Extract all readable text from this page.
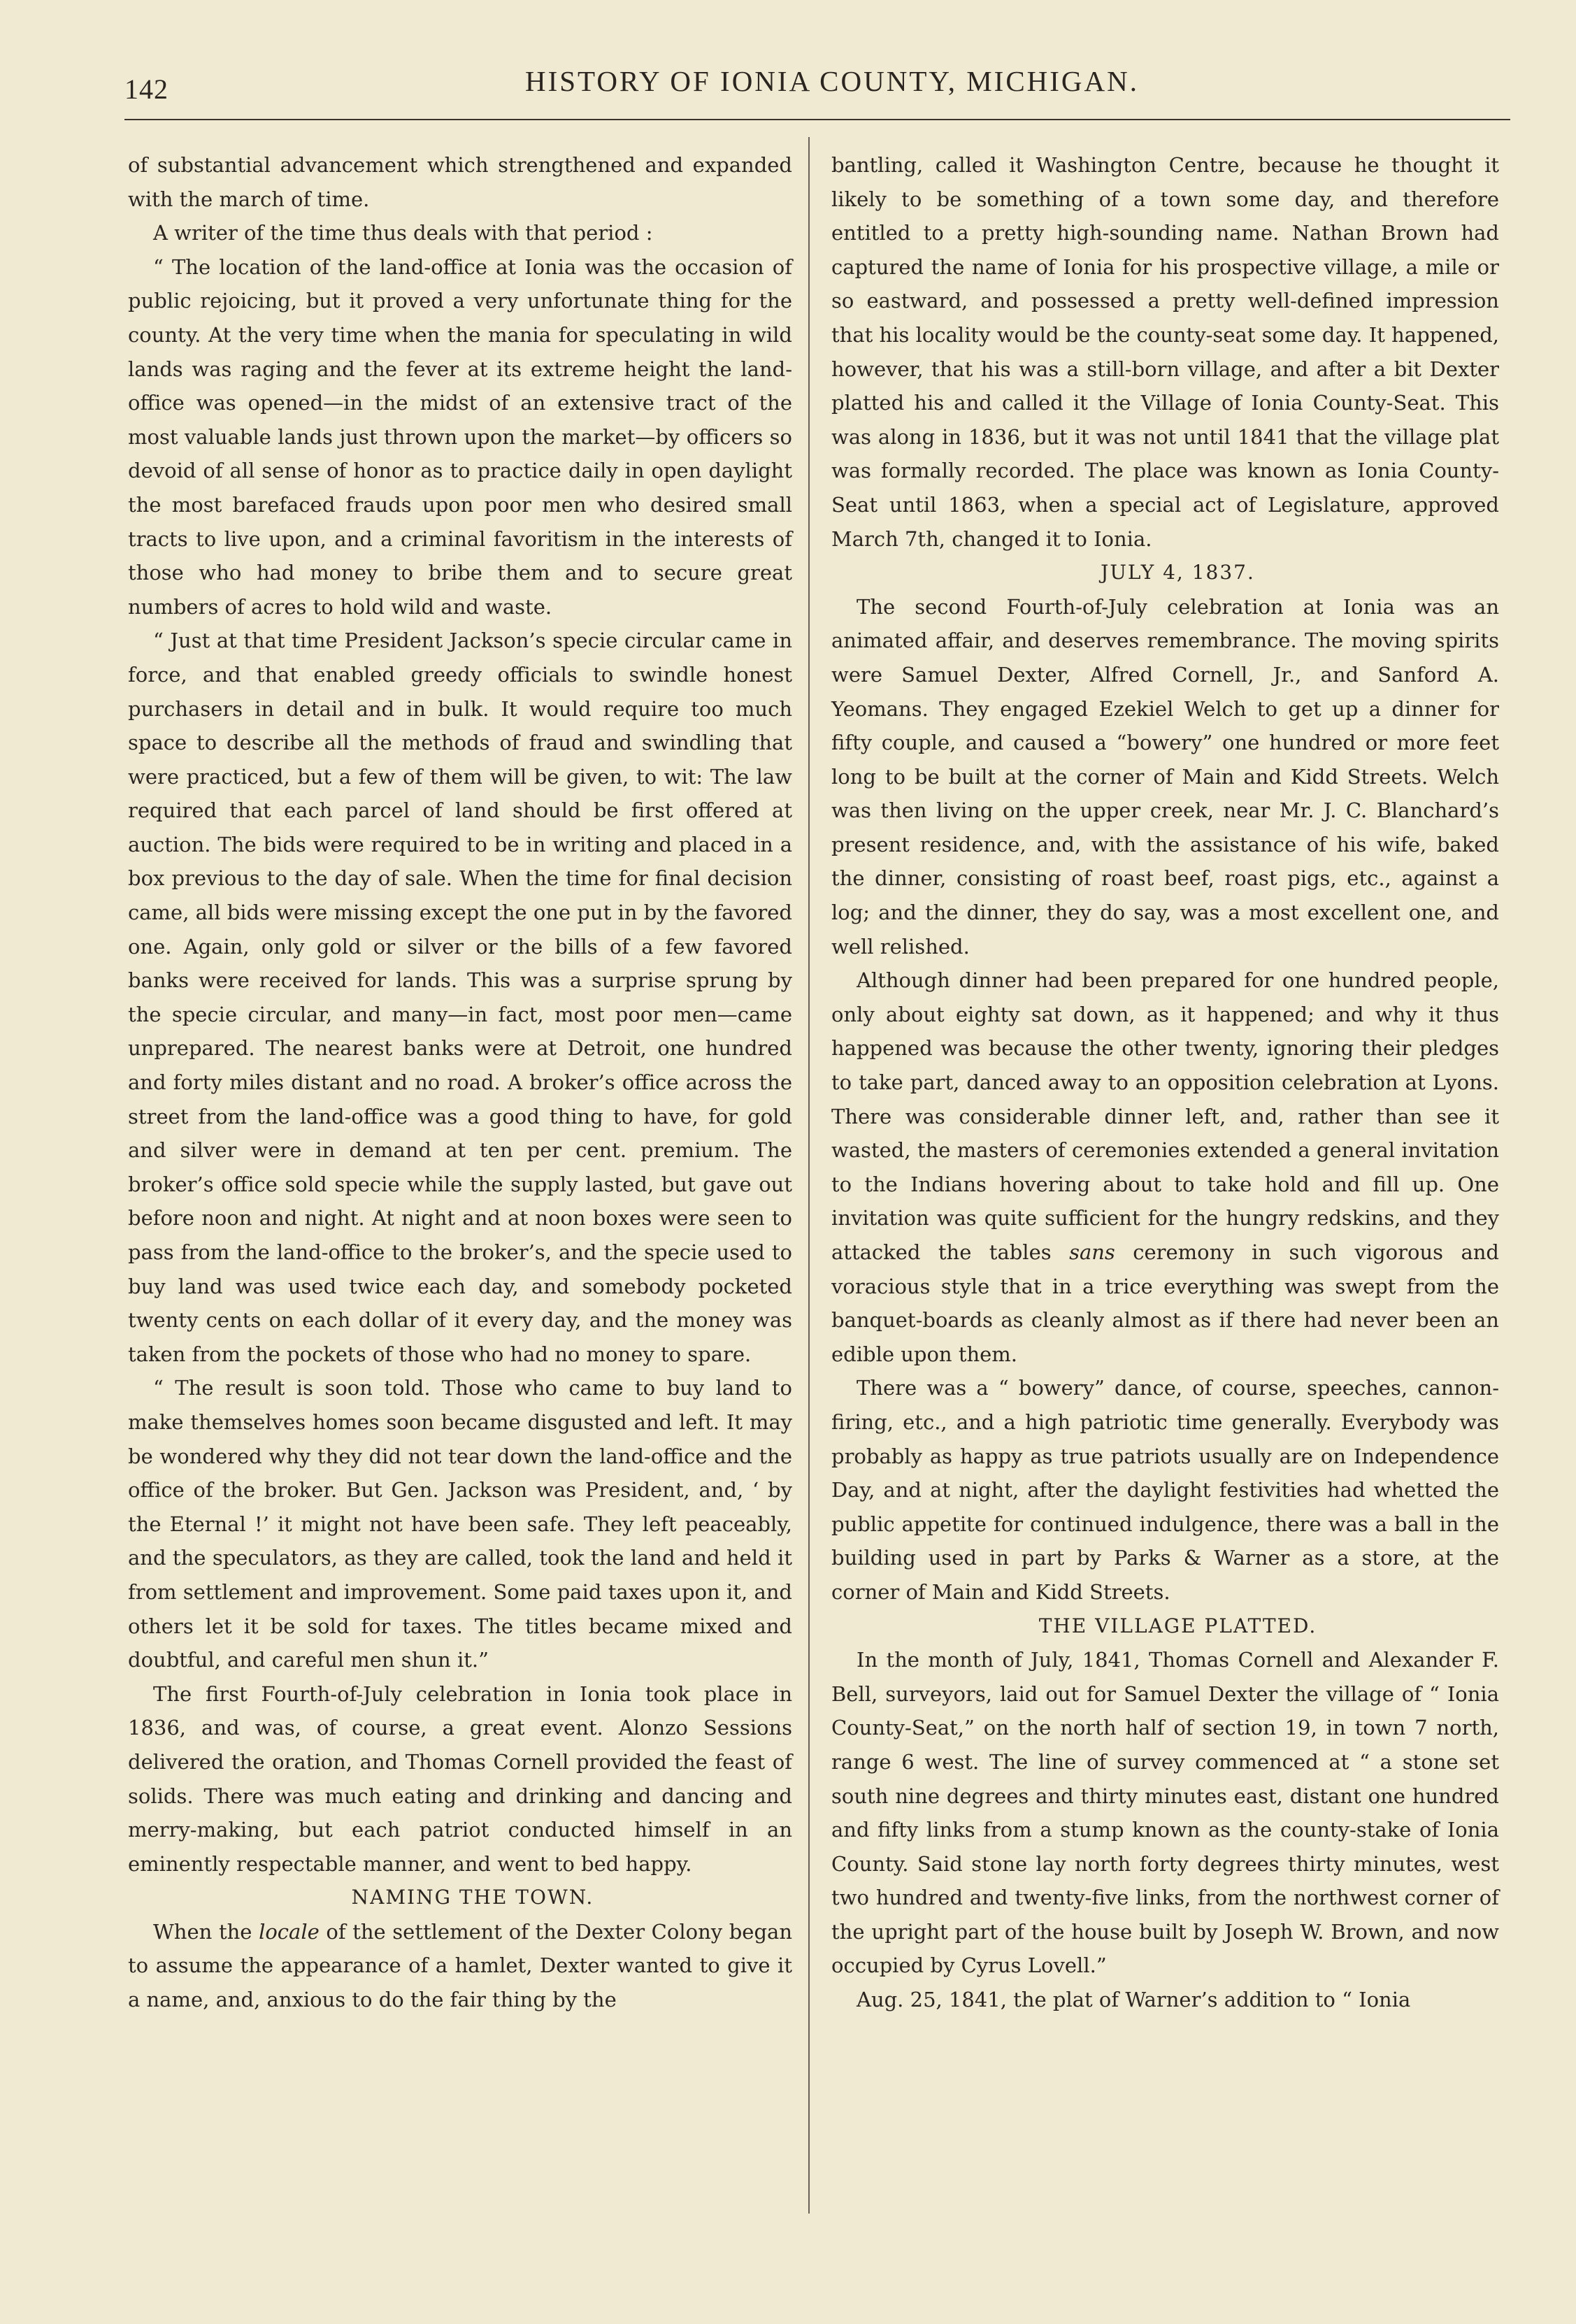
142	HISTORY OF IONIA COUNTY, MICHIGAN.

of substantial advancement which strengthened and expanded with the march of time.

A writer of the time thus deals with that period :

“ The location of the land-office at Ionia was the occasion of public rejoicing, but it proved a very unfortunate thing for the county. At the very time when the mania for speculating in wild lands was raging and the fever at its extreme height the land-office was opened—in the midst of an extensive tract of the most valuable lands just thrown upon the market—by officers so devoid of all sense of honor as to practice daily in open daylight the most barefaced frauds upon poor men who desired small tracts to live upon, and a criminal favoritism in the interests of those who had money to bribe them and to secure great numbers of acres to hold wild and waste.

“ Just at that time President Jackson’s specie circular came in force, and that enabled greedy officials to swindle honest purchasers in detail and in bulk. It would require too much space to describe all the methods of fraud and swindling that were practiced, but a few of them will be given, to wit: The law required that each parcel of land should be first offered at auction. The bids were required to be in writing and placed in a box previous to the day of sale. When the time for final decision came, all bids were missing except the one put in by the favored one. Again, only gold or silver or the bills of a few favored banks were received for lands. This was a surprise sprung by the specie circular, and many—in fact, most poor men—came unprepared. The nearest banks were at Detroit, one hundred and forty miles distant and no road. A broker’s office across the street from the land-office was a good thing to have, for gold and silver were in demand at ten per cent. premium. The broker’s office sold specie while the supply lasted, but gave out before noon and night. At night and at noon boxes were seen to pass from the land-office to the broker’s, and the specie used to buy land was used twice each day, and somebody pocketed twenty cents on each dollar of it every day, and the money was taken from the pockets of those who had no money to spare.

“ The result is soon told. Those who came to buy land to make themselves homes soon became disgusted and left. It may be wondered why they did not tear down the land-office and the office of the broker. But Gen. Jackson was President, and, ‘ by the Eternal !’ it might not have been safe. They left peaceably, and the speculators, as they are called, took the land and held it from settlement and improvement. Some paid taxes upon it, and others let it be sold for taxes. The titles became mixed and doubtful, and careful men shun it.”

The first Fourth-of-July celebration in Ionia took place in 1836, and was, of course, a great event. Alonzo Sessions delivered the oration, and Thomas Cornell provided the feast of solids. There was much eating and drinking and dancing and merry-making, but each patriot conducted himself in an eminently respectable manner, and went to bed happy.

NAMING THE TOWN.

When the locale of the settlement of the Dexter Colony began to assume the appearance of a hamlet, Dexter wanted to give it a name, and, anxious to do the fair thing by the

bantling, called it Washington Centre, because he thought it likely to be something of a town some day, and therefore entitled to a pretty high-sounding name. Nathan Brown had captured the name of Ionia for his prospective village, a mile or so eastward, and possessed a pretty well-defined impression that his locality would be the county-seat some day. It happened, however, that his was a still-born village, and after a bit Dexter platted his and called it the Village of Ionia County-Seat. This was along in 1836, but it was not until 1841 that the village plat was formally recorded. The place was known as Ionia County-Seat until 1863, when a special act of Legislature, approved March 7th, changed it to Ionia.

JULY 4, 1837.

The second Fourth-of-July celebration at Ionia was an animated affair, and deserves remembrance. The moving spirits were Samuel Dexter, Alfred Cornell, Jr., and Sanford A. Yeomans. They engaged Ezekiel Welch to get up a dinner for fifty couple, and caused a “bowery” one hundred or more feet long to be built at the corner of Main and Kidd Streets. Welch was then living on the upper creek, near Mr. J. C. Blanchard’s present residence, and, with the assistance of his wife, baked the dinner, consisting of roast beef, roast pigs, etc., against a log; and the dinner, they do say, was a most excellent one, and well relished.

Although dinner had been prepared for one hundred people, only about eighty sat down, as it happened; and why it thus happened was because the other twenty, ignoring their pledges to take part, danced away to an opposition celebration at Lyons. There was considerable dinner left, and, rather than see it wasted, the masters of ceremonies extended a general invitation to the Indians hovering about to take hold and fill up. One invitation was quite sufficient for the hungry redskins, and they attacked the tables sans ceremony in such vigorous and voracious style that in a trice everything was swept from the banquet-boards as cleanly almost as if there had never been an edible upon them.

There was a “ bowery” dance, of course, speeches, cannon-firing, etc., and a high patriotic time generally. Everybody was probably as happy as true patriots usually are on Independence Day, and at night, after the daylight festivities had whetted the public appetite for continued indulgence, there was a ball in the building used in part by Parks & Warner as a store, at the corner of Main and Kidd Streets.

THE VILLAGE PLATTED.

In the month of July, 1841, Thomas Cornell and Alexander F. Bell, surveyors, laid out for Samuel Dexter the village of “ Ionia County-Seat,” on the north half of section 19, in town 7 north, range 6 west. The line of survey commenced at “ a stone set south nine degrees and thirty minutes east, distant one hundred and fifty links from a stump known as the county-stake of Ionia County. Said stone lay north forty degrees thirty minutes, west two hundred and twenty-five links, from the northwest corner of the upright part of the house built by Joseph W. Brown, and now occupied by Cyrus Lovell.”

Aug. 25, 1841, the plat of Warner’s addition to “ Ionia
